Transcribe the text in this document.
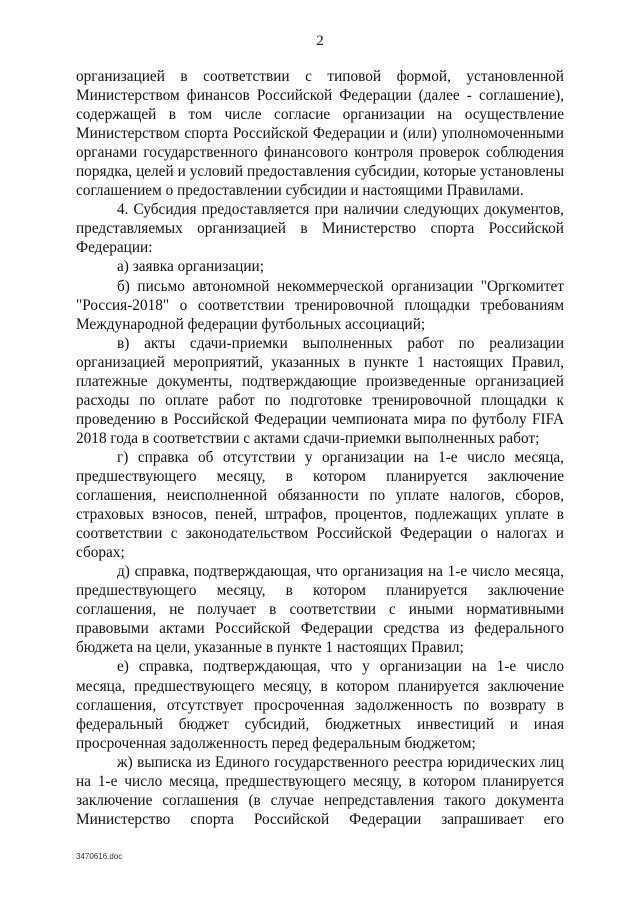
2

организацией в соответствии с типовой формой, установленной Министерством финансов Российской Федерации (далее - соглашение), содержащей в том числе согласие организации на осуществление Министерством спорта Российской Федерации и (или) уполномоченными органами государственного финансового контроля проверок соблюдения порядка, целей и условий предоставления субсидии, которые установлены соглашением о предоставлении субсидии и настоящими Правилами.

4. Субсидия предоставляется при наличии следующих документов, представляемых организацией в Министерство спорта Российской Федерации:

а) заявка организации;

б) письмо автономной некоммерческой организации "Оргкомитет "Россия-2018" о соответствии тренировочной площадки требованиям Международной федерации футбольных ассоциаций;

в) акты сдачи-приемки выполненных работ по реализации организацией мероприятий, указанных в пункте 1 настоящих Правил, платежные документы, подтверждающие произведенные организацией расходы по оплате работ по подготовке тренировочной площадки к проведению в Российской Федерации чемпионата мира по футболу FIFA 2018 года в соответствии с актами сдачи-приемки выполненных работ;

г) справка об отсутствии у организации на 1-е число месяца, предшествующего месяцу, в котором планируется заключение соглашения, неисполненной обязанности по уплате налогов, сборов, страховых взносов, пеней, штрафов, процентов, подлежащих уплате в соответствии с законодательством Российской Федерации о налогах и сборах;

д) справка, подтверждающая, что организация на 1-е число месяца, предшествующего месяцу, в котором планируется заключение соглашения, не получает в соответствии с иными нормативными правовыми актами Российской Федерации средства из федерального бюджета на цели, указанные в пункте 1 настоящих Правил;

е) справка, подтверждающая, что у организации на 1-е число месяца, предшествующего месяцу, в котором планируется заключение соглашения, отсутствует просроченная задолженность по возврату в федеральный бюджет субсидий, бюджетных инвестиций и иная просроченная задолженность перед федеральным бюджетом;

ж) выписка из Единого государственного реестра юридических лиц на 1-е число месяца, предшествующего месяцу, в котором планируется заключение соглашения (в случае непредставления такого документа Министерство спорта Российской Федерации запрашивает его

3470616.doc
